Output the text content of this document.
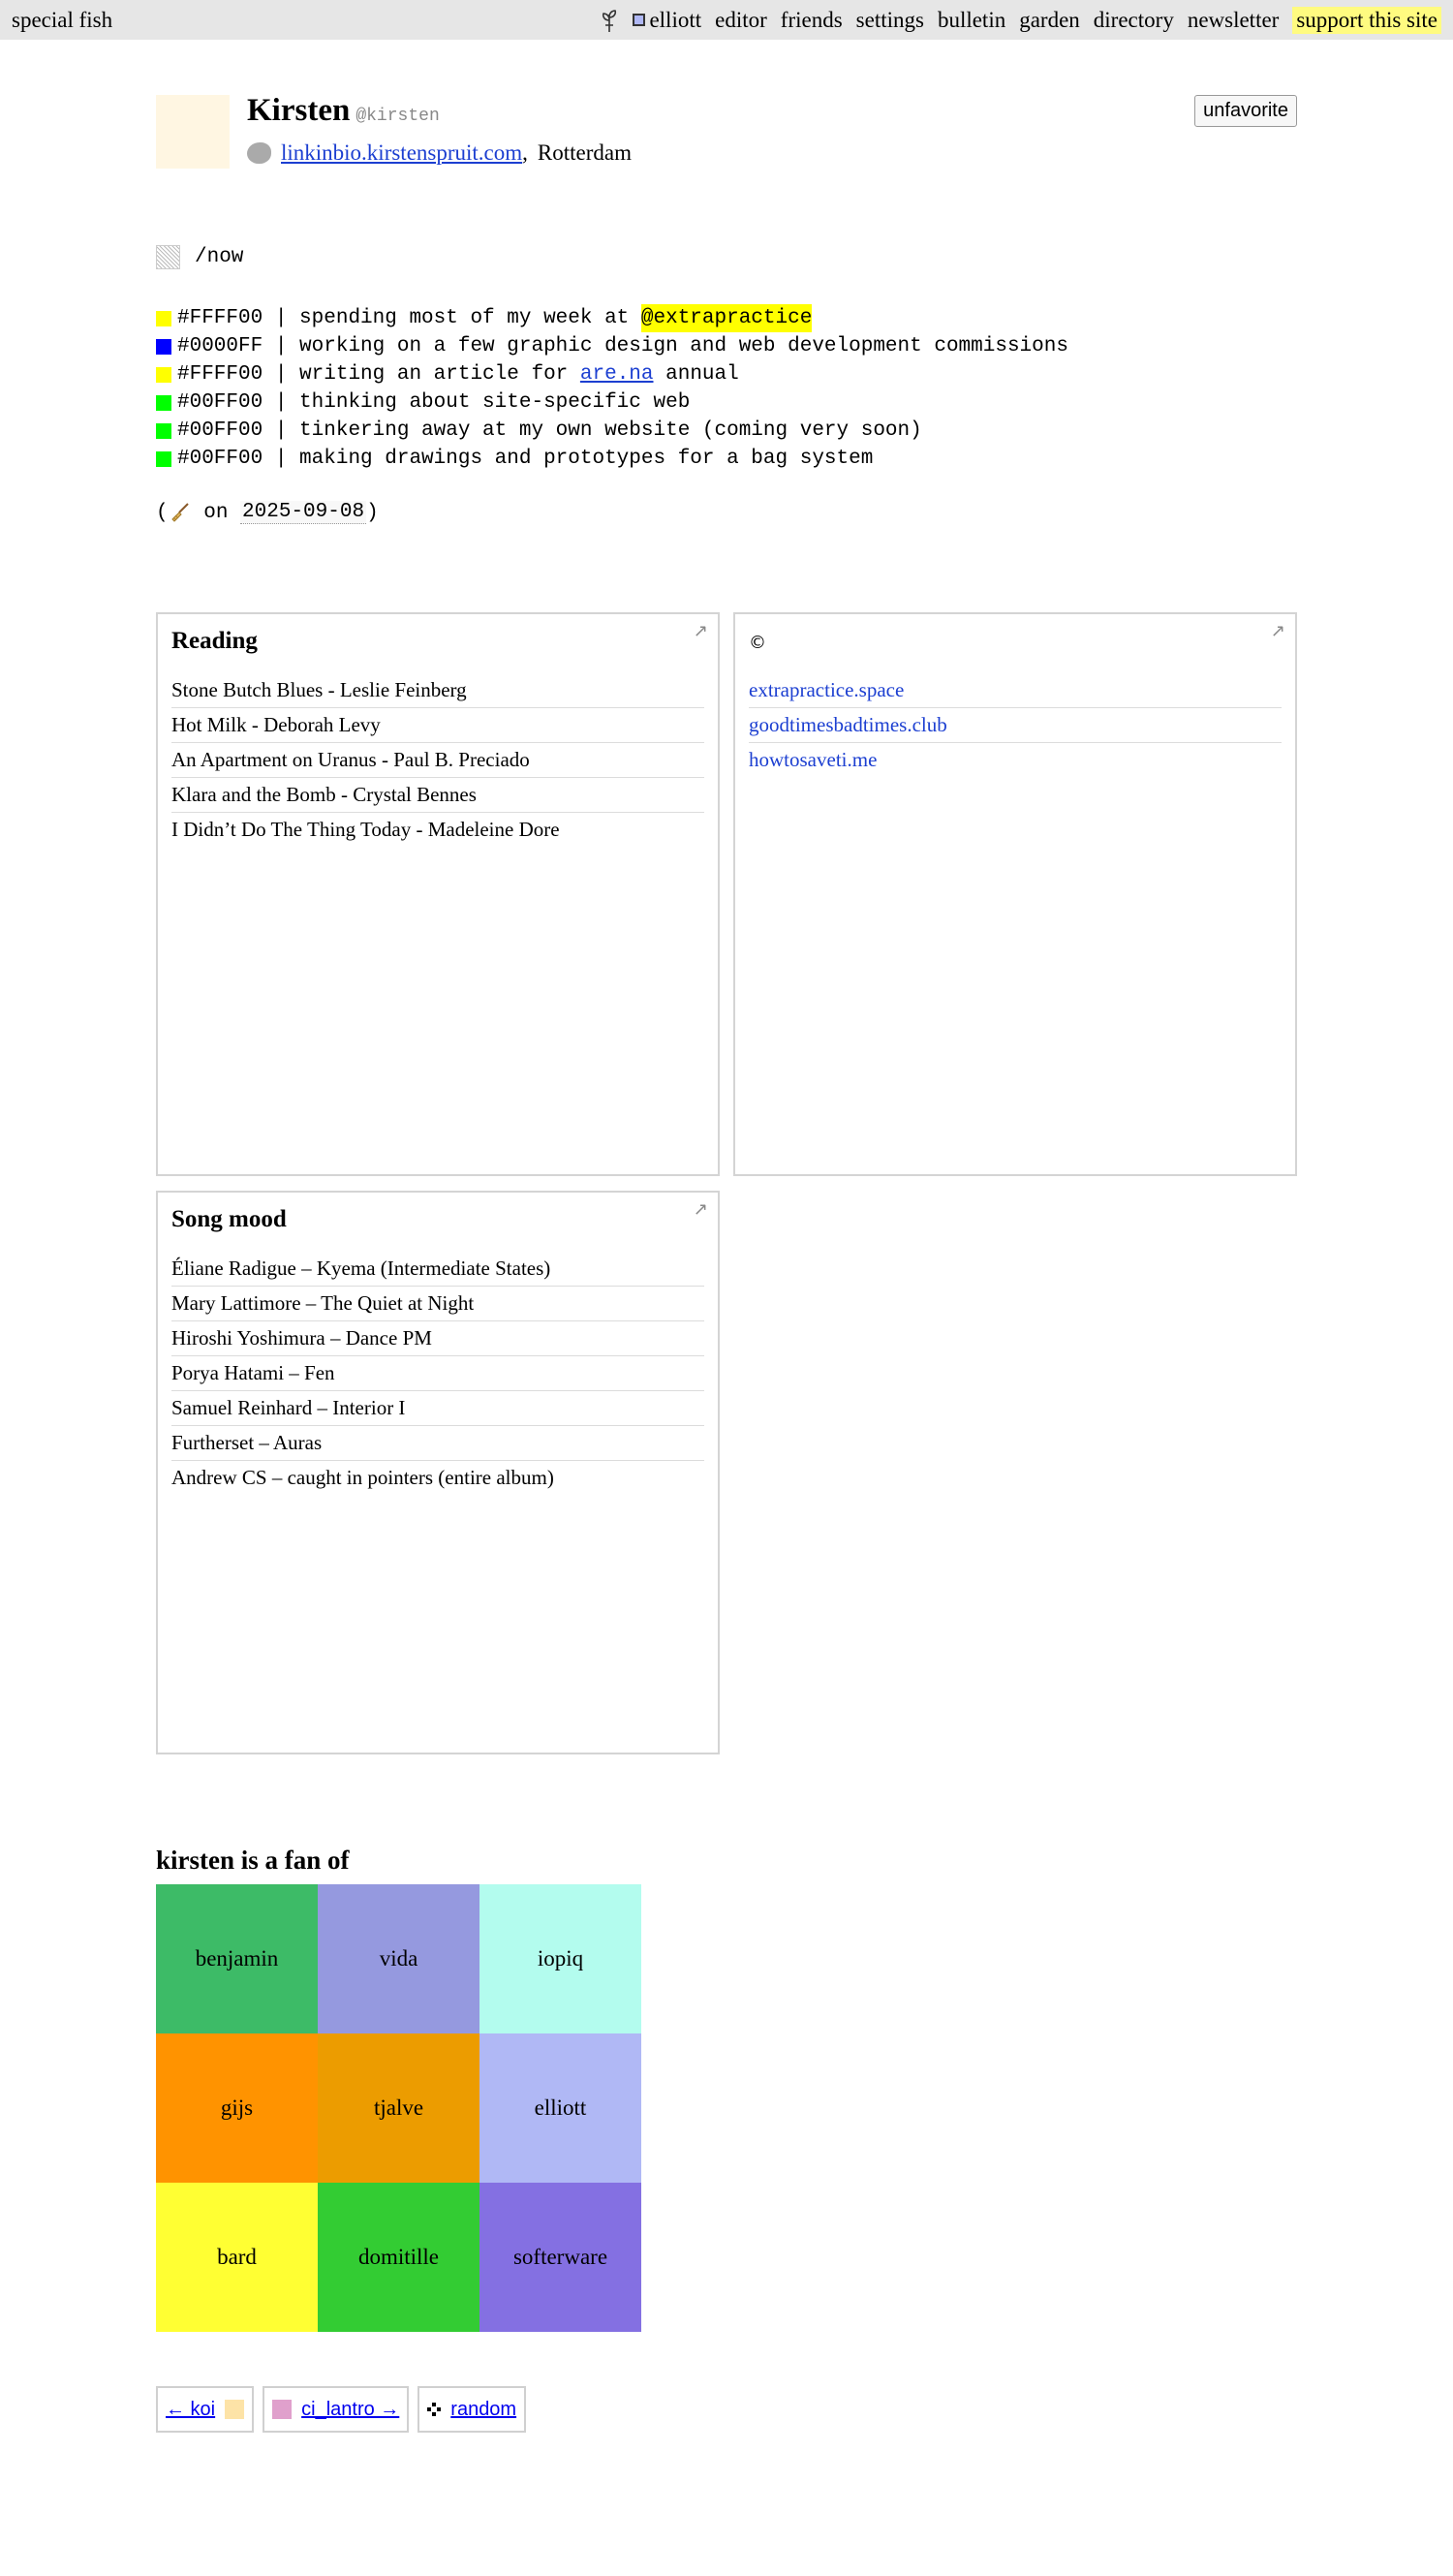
special fish	elliott editor friends settings bulletin garden directory newsletter support this site
Kirsten @kirsten
linkinbio.kirstenspruit.com, Rotterdam
unfavorite
/now
#FFFF00 | spending most of my week at @extrapractice
#0000FF | working on a few graphic design and web development commissions
#FFFF00 | writing an article for are.na annual
#00FF00 | thinking about site-specific web
#00FF00 | tinkering away at my own website (coming very soon)
#00FF00 | making drawings and prototypes for a bag system
( on 2025-09-08 )
Reading	↗
Stone Butch Blues - Leslie Feinberg
Hot Milk - Deborah Levy
An Apartment on Uranus - Paul B. Preciado
Klara and the Bomb - Crystal Bennes
I Didn’t Do The Thing Today - Madeleine Dore
©
↗
extrapractice.space
goodtimesbadtimes.club
howtosaveti.me
Song mood	↗
Éliane Radigue – Kyema (Intermediate States)
Mary Lattimore – The Quiet at Night
Hiroshi Yoshimura – Dance PM
Porya Hatami – Fen
Samuel Reinhard – Interior I
Furtherset – Auras
Andrew CS – caught in pointers (entire album)
kirsten is a fan of
benjamin	vida	iopiq
gijs	tjalve	elliott
bard	domitille	softerware
← koi	ci_lantro →	random
